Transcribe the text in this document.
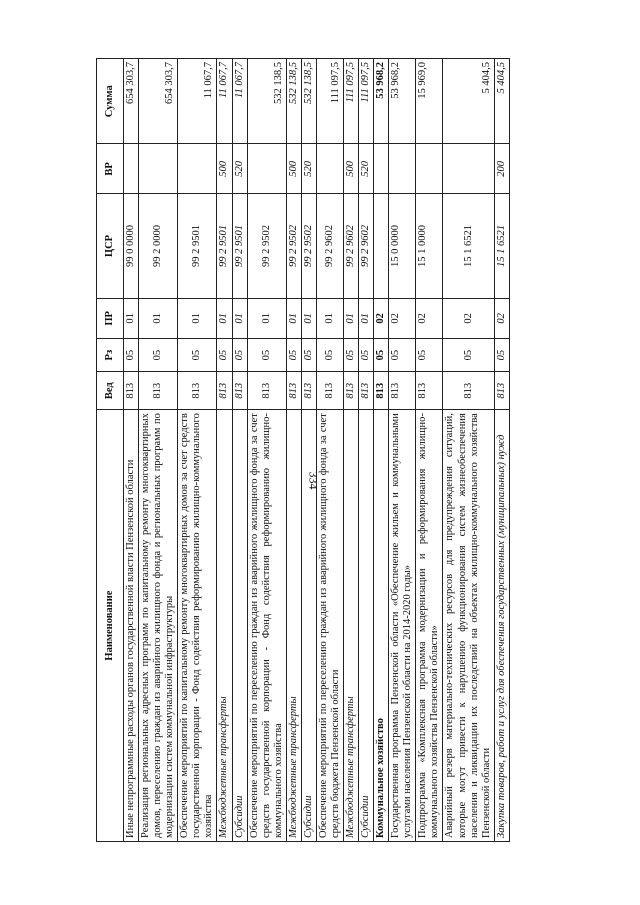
334
Наименование	Вед	Рз	ПР	ЦСР	ВР	Сумма
Иные непрограммные расходы органов государственной власти Пензенской области	813	05	01	99 0 0000		654 303,7
Реализация региональных адресных программ по капитальному ремонту многоквартирных домов, переселению граждан из аварийного жилищного фонда и региональных программ по модернизации систем коммунальной инфраструктуры	813	05	01	99 2 0000		654 303,7
Обеспечение мероприятий по капитальному ремонту многоквартирных домов за счет средств государственной корпорации - Фонд содействия реформированию жилищно-коммунального хозяйства	813	05	01	99 2 9501		11 067,7
Межбюджетные трансферты	813	05	01	99 2 9501	500	11 067,7
Субсидии	813	05	01	99 2 9501	520	11 067,7
Обеспечение мероприятий по переселению граждан из аварийного жилищного фонда за счет средств государственной корпорации - Фонд содействия реформированию жилищно-коммунального хозяйства	813	05	01	99 2 9502		532 138,5
Межбюджетные трансферты	813	05	01	99 2 9502	500	532 138,5
Субсидии	813	05	01	99 2 9502	520	532 138,5
Обеспечение мероприятий по переселению граждан из аварийного жилищного фонда за счет средств бюджета Пензенской области	813	05	01	99 2 9602		111 097,5
Межбюджетные трансферты	813	05	01	99 2 9602	500	111 097,5
Субсидии	813	05	01	99 2 9602	520	111 097,5
Коммунальное хозяйство	813	05	02			53 968,2
Государственная программа Пензенской области «Обеспечение жильем и коммунальными услугами населения Пензенской области на 2014-2020 годы»	813	05	02	15 0 0000		53 968,2
Подпрограмма «Комплексная программа модернизации и реформирования жилищно-коммунального хозяйства Пензенской области»	813	05	02	15 1 0000		15 969,0
Аварийный резерв материально-технических ресурсов для предупреждения ситуаций, которые могут привести к нарушению функционирования систем жизнеобеспечения населения и ликвидации их последствий на объектах жилищно-коммунального хозяйства Пензенской области	813	05	02	15 1 6521		5 404,5
Закупка товаров, работ и услуг для обеспечения государственных (муниципальных) нужд	813	05	02	15 1 6521	200	5 404,5
